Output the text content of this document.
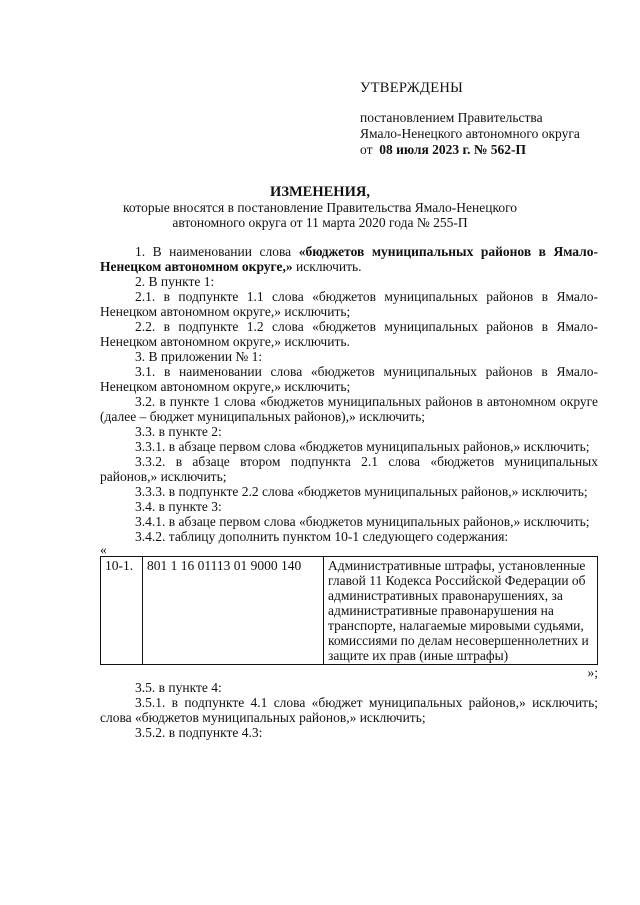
УТВЕРЖДЕНЫ
постановлением Правительства
Ямало-Ненецкого автономного округа
от 08 июля 2023 г. № 562-П
ИЗМЕНЕНИЯ,
которые вносятся в постановление Правительства Ямало-Ненецкого автономного округа от 11 марта 2020 года № 255-П

1. В наименовании слова «бюджетов муниципальных районов в Ямало-Ненецком автономном округе,» исключить.

2. В пункте 1:

2.1. в подпункте 1.1 слова «бюджетов муниципальных районов в Ямало-Ненецком автономном округе,» исключить;

2.2. в подпункте 1.2 слова «бюджетов муниципальных районов в Ямало-Ненецком автономном округе,» исключить.

3. В приложении № 1:

3.1. в наименовании слова «бюджетов муниципальных районов в Ямало-Ненецком автономном округе,» исключить;

3.2. в пункте 1 слова «бюджетов муниципальных районов в автономном округе (далее – бюджет муниципальных районов),» исключить;

3.3. в пункте 2:

3.3.1. в абзаце первом слова «бюджетов муниципальных районов,» исключить;

3.3.2. в абзаце втором подпункта 2.1 слова «бюджетов муниципальных районов,» исключить;

3.3.3. в подпункте 2.2 слова «бюджетов муниципальных районов,» исключить;

3.4. в пункте 3:

3.4.1. в абзаце первом слова «бюджетов муниципальных районов,» исключить;

3.4.2. таблицу дополнить пунктом 10-1 следующего содержания:

«
10-1.	801 1 16 01113 01 9000 140	Административные штрафы, установленные главой 11 Кодекса Российской Федерации об административных правонарушениях, за административные правонарушения на транспорте, налагаемые мировыми судьями, комиссиями по делам несовершеннолетних и защите их прав (иные штрафы)
»;

3.5. в пункте 4:

3.5.1. в подпункте 4.1 слова «бюджет муниципальных районов,» исключить; слова «бюджетов муниципальных районов,» исключить;

3.5.2. в подпункте 4.3:
